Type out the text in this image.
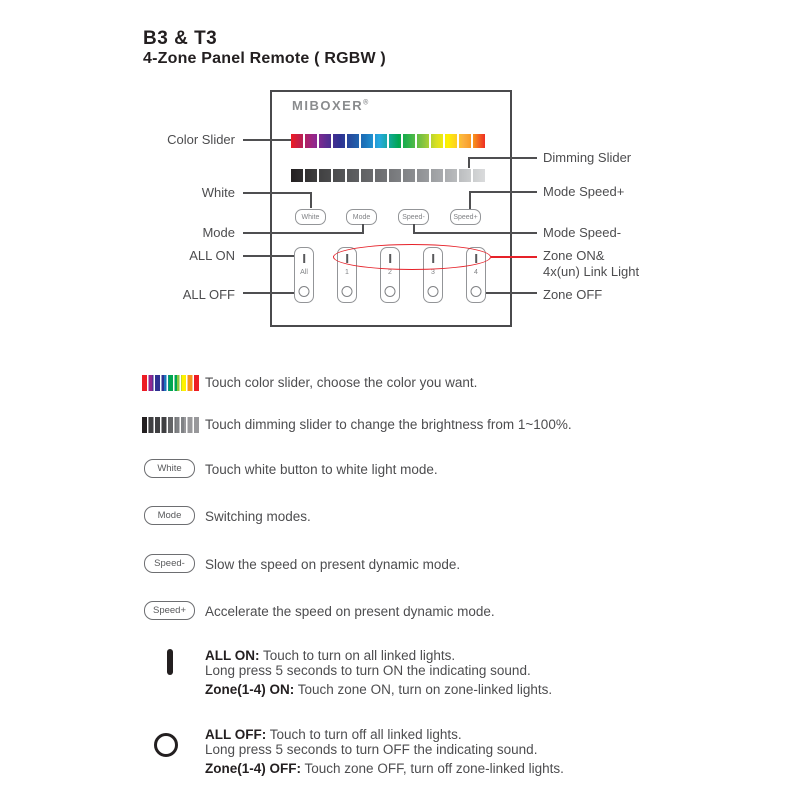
B3 & T3
4-Zone Panel Remote ( RGBW )
MIBOXER®
White	Mode	Speed-	Speed+
All	1	2	3	4
Color Slider
White
Mode
ALL ON
ALL OFF
Dimming Slider
Mode Speed+
Mode Speed-
Zone ON&
4x(un) Link Light
Zone OFF
Touch color slider, choose the color you want.
Touch dimming slider to change the brightness from 1~100%.
White Touch white button to white light mode.
Mode Switching modes.
Speed- Slow the speed on present dynamic mode.
Speed+ Accelerate the speed on present dynamic mode.
ALL ON: Touch to turn on all linked lights.
Long press 5 seconds to turn ON the indicating sound.
Zone(1-4) ON: Touch zone ON, turn on zone-linked lights.
ALL OFF: Touch to turn off all linked lights.
Long press 5 seconds to turn OFF the indicating sound.
Zone(1-4) OFF: Touch zone OFF, turn off zone-linked lights.
